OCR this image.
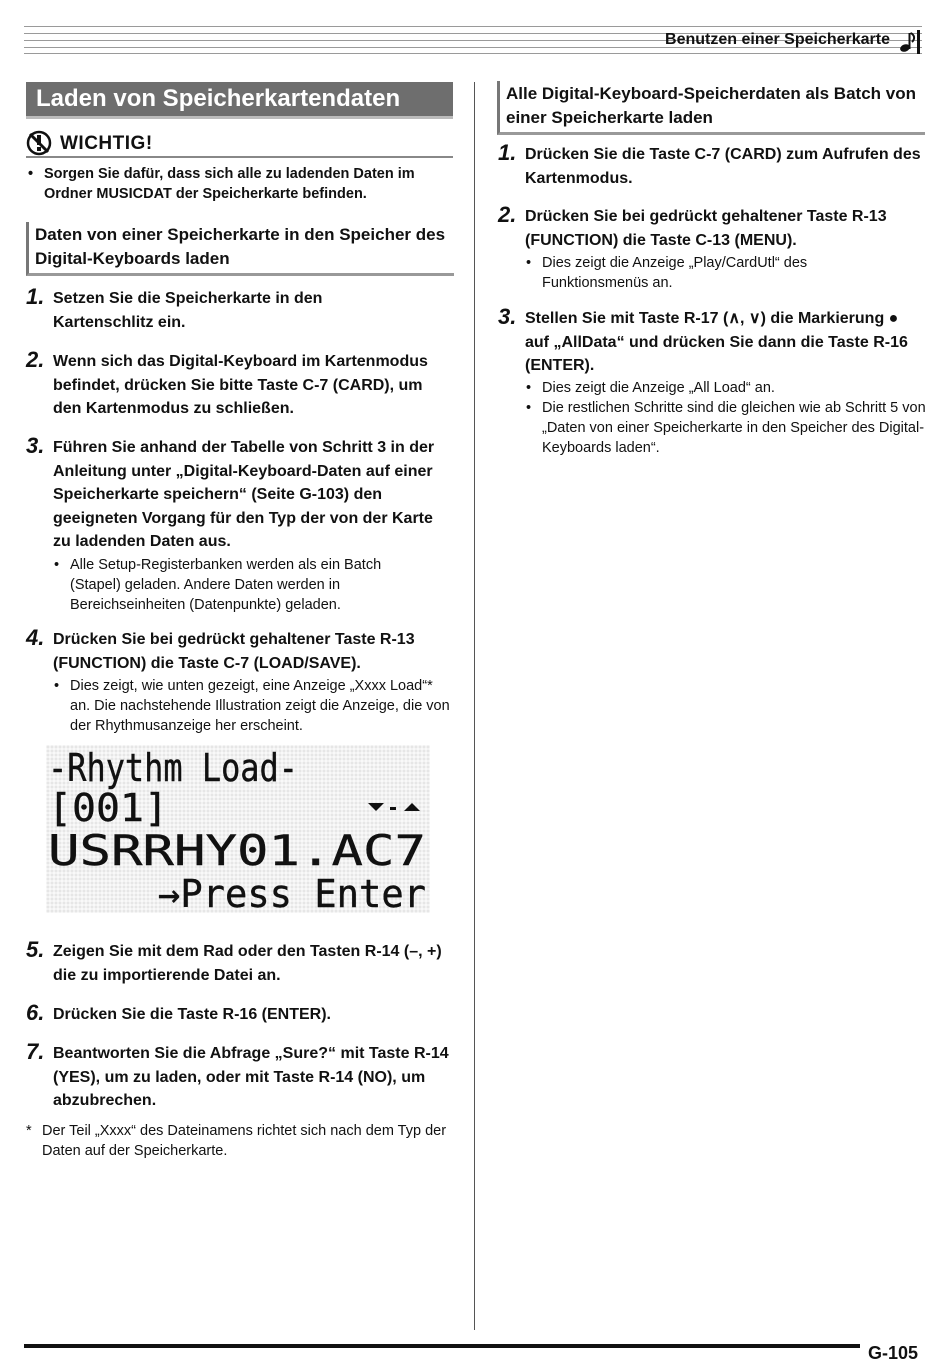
Benutzen einer Speicherkarte
Laden von Speicherkartendaten
WICHTIG!
• Sorgen Sie dafür, dass sich alle zu ladenden Daten im Ordner MUSICDAT der Speicherkarte befinden.
Daten von einer Speicherkarte in den Speicher des Digital-Keyboards laden
1. Setzen Sie die Speicherkarte in den Kartenschlitz ein.
2. Wenn sich das Digital-Keyboard im Kartenmodus befindet, drücken Sie bitte Taste C-7 (CARD), um den Kartenmodus zu schließen.
3. Führen Sie anhand der Tabelle von Schritt 3 in der Anleitung unter „Digital-Keyboard-Daten auf einer Speicherkarte speichern“ (Seite G-103) den geeigneten Vorgang für den Typ der von der Karte zu ladenden Daten aus.
• Alle Setup-Registerbanken werden als ein Batch (Stapel) geladen. Andere Daten werden in Bereichseinheiten (Datenpunkte) geladen.
4. Drücken Sie bei gedrückt gehaltener Taste R-13 (FUNCTION) die Taste C-7 (LOAD/SAVE).
• Dies zeigt, wie unten gezeigt, eine Anzeige „Xxxx Load“* an. Die nachstehende Illustration zeigt die Anzeige, die von der Rhythmusanzeige her erscheint.
-Rhythm Load-
[001]
USRRHY01.AC7
→Press Enter
5. Zeigen Sie mit dem Rad oder den Tasten R-14 (–, +) die zu importierende Datei an.
6. Drücken Sie die Taste R-16 (ENTER).
7. Beantworten Sie die Abfrage „Sure?“ mit Taste R-14 (YES), um zu laden, oder mit Taste R-14 (NO), um abzubrechen.
* Der Teil „Xxxx“ des Dateinamens richtet sich nach dem Typ der Daten auf der Speicherkarte.
Alle Digital-Keyboard-Speicherdaten als Batch von einer Speicherkarte laden
1. Drücken Sie die Taste C-7 (CARD) zum Aufrufen des Kartenmodus.
2. Drücken Sie bei gedrückt gehaltener Taste R-13 (FUNCTION) die Taste C-13 (MENU).
• Dies zeigt die Anzeige „Play/CardUtl“ des Funktionsmenüs an.
3. Stellen Sie mit Taste R-17 (∧, ∨) die Markierung ● auf „AllData“ und drücken Sie dann die Taste R-16 (ENTER).
• Dies zeigt die Anzeige „All Load“ an.
• Die restlichen Schritte sind die gleichen wie ab Schritt 5 von „Daten von einer Speicherkarte in den Speicher des Digital-Keyboards laden“.
G-105
